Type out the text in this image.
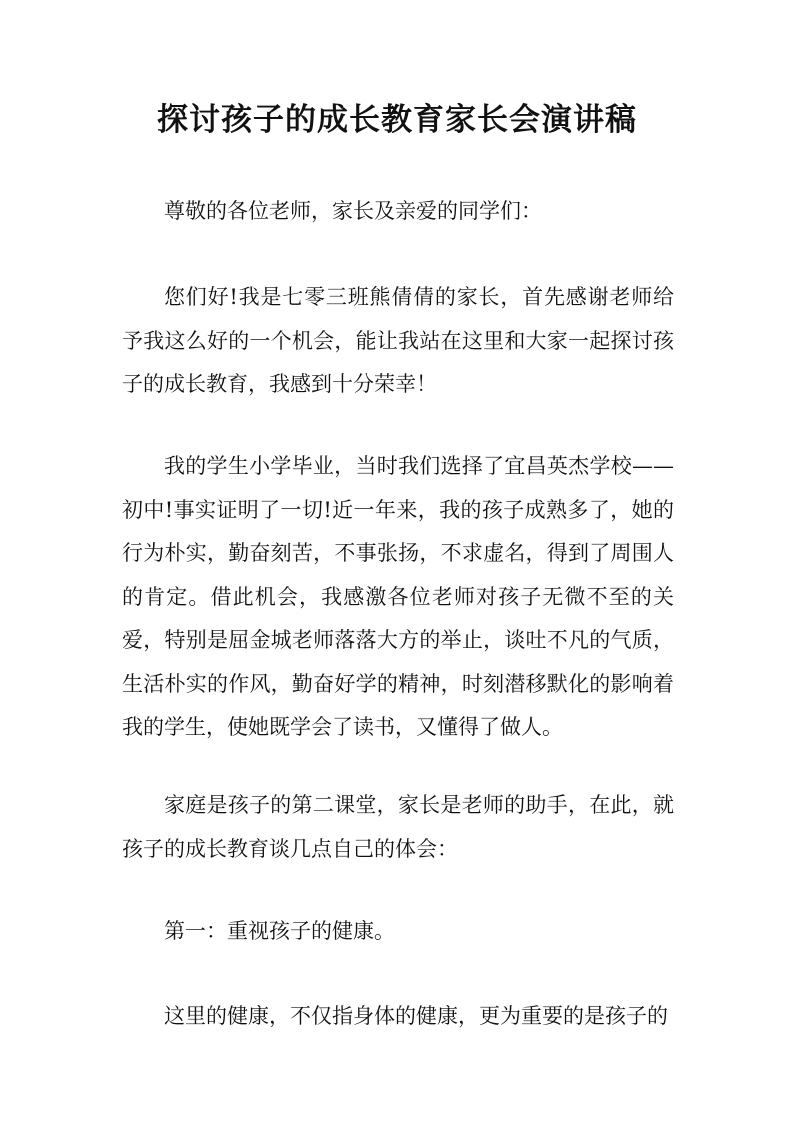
探讨孩子的成长教育家长会演讲稿

尊敬的各位老师，家长及亲爱的同学们：

您们好!我是七零三班熊倩倩的家长，首先感谢老师给予我这么好的一个机会，能让我站在这里和大家一起探讨孩子的成长教育，我感到十分荣幸！

我的学生小学毕业，当时我们选择了宜昌英杰学校——初中!事实证明了一切!近一年来，我的孩子成熟多了，她的行为朴实，勤奋刻苦，不事张扬，不求虚名，得到了周围人的肯定。借此机会，我感激各位老师对孩子无微不至的关爱，特别是屈金城老师落落大方的举止，谈吐不凡的气质，生活朴实的作风，勤奋好学的精神，时刻潜移默化的影响着我的学生，使她既学会了读书，又懂得了做人。

家庭是孩子的第二课堂，家长是老师的助手，在此，就孩子的成长教育谈几点自己的体会：

第一：重视孩子的健康。

这里的健康，不仅指身体的健康，更为重要的是孩子的
